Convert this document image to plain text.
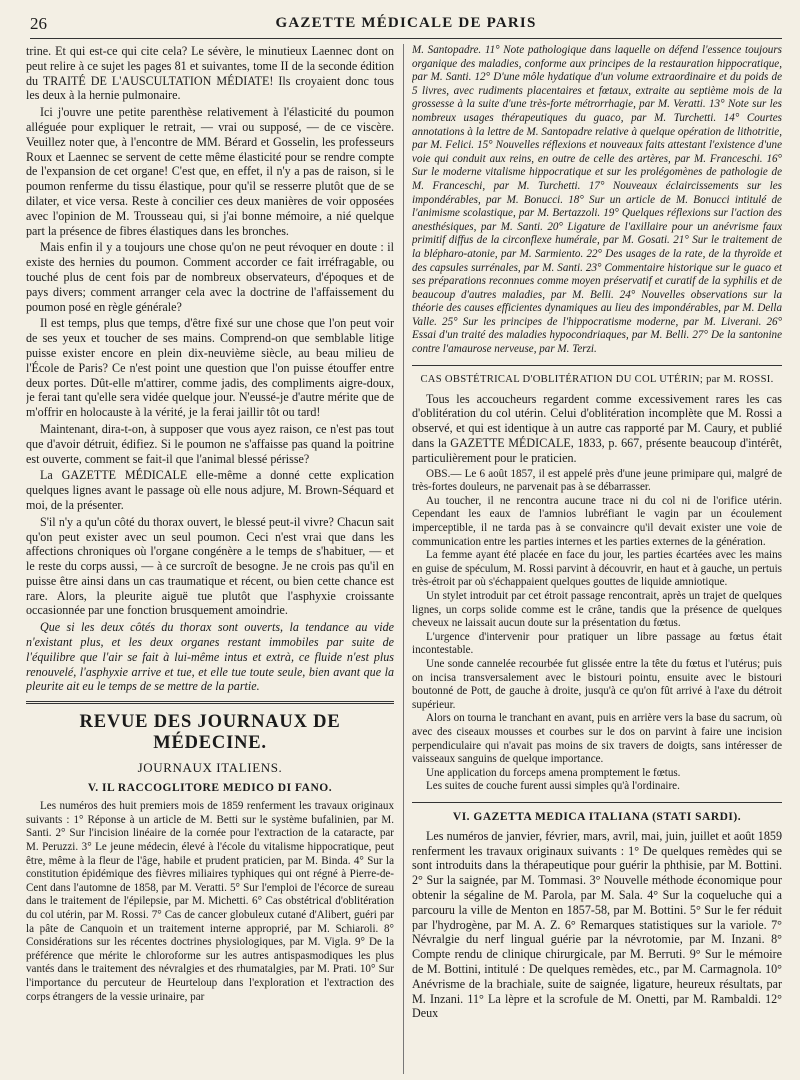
26	GAZETTE MÉDICALE DE PARIS

trine. Et qui est-ce qui cite cela? Le sévère, le minutieux Laennec dont on peut relire à ce sujet les pages 81 et suivantes, tome II de la seconde édition du TRAITÉ DE L'AUSCULTATION MÉDIATE! Ils croyaient donc tous les deux à la hernie pulmonaire.

Ici j'ouvre une petite parenthèse relativement à l'élasticité du poumon alléguée pour expliquer le retrait, — vrai ou supposé, — de ce viscère. Veuillez noter que, à l'encontre de MM. Bérard et Gosselin, les professeurs Roux et Laennec se servent de cette même élasticité pour se rendre compte de l'expansion de cet organe! C'est que, en effet, il n'y a pas de raison, si le poumon renferme du tissu élastique, pour qu'il se resserre plutôt que de se dilater, et vice versa. Reste à concilier ces deux manières de voir opposées avec l'opinion de M. Trousseau qui, si j'ai bonne mémoire, a nié quelque part la présence de fibres élastiques dans les bronches.

Mais enfin il y a toujours une chose qu'on ne peut révoquer en doute : il existe des hernies du poumon. Comment accorder ce fait irréfragable, ou touché plus de cent fois par de nombreux observateurs, d'époques et de pays divers; comment arranger cela avec la doctrine de l'affaissement du poumon posé en règle générale?

Il est temps, plus que temps, d'être fixé sur une chose que l'on peut voir de ses yeux et toucher de ses mains. Comprend-on que semblable litige puisse exister encore en plein dix-neuvième siècle, au beau milieu de l'École de Paris? Ce n'est point une question que l'on puisse étouffer entre deux portes. Dût-elle m'attirer, comme jadis, des compliments aigre-doux, je ferai tant qu'elle sera vidée quelque jour. N'eussé-je d'autre mérite que de m'offrir en holocauste à la vérité, je la ferai jaillir tôt ou tard!

Maintenant, dira-t-on, à supposer que vous ayez raison, ce n'est pas tout que d'avoir détruit, édifiez. Si le poumon ne s'affaisse pas quand la poitrine est ouverte, comment se fait-il que l'animal blessé périsse?

La GAZETTE MÉDICALE elle-même a donné cette explication quelques lignes avant le passage où elle nous adjure, M. Brown-Séquard et moi, de la présenter.

S'il n'y a qu'un côté du thorax ouvert, le blessé peut-il vivre? Chacun sait qu'on peut exister avec un seul poumon. Ceci n'est vrai que dans les affections chroniques où l'organe congénère a le temps de s'habituer, — et le reste du corps aussi, — à ce surcroît de besogne. Je ne crois pas qu'il en puisse être ainsi dans un cas traumatique et récent, ou bien cette chance est rare. Alors, la pleurite aiguë tue plutôt que l'asphyxie croissante occasionnée par une fonction brusquement amoindrie.

Que si les deux côtés du thorax sont ouverts, la tendance au vide n'existant plus, et les deux organes restant immobiles par suite de l'équilibre que l'air se fait à lui-même intus et extrà, ce fluide n'est plus renouvelé, l'asphyxie arrive et tue, et elle tue toute seule, bien avant que la pleurite ait eu le temps de se mettre de la partie.

REVUE DES JOURNAUX DE MÉDECINE.
JOURNAUX ITALIENS.
V. IL RACCOGLITORE MEDICO DI FANO.

Les numéros des huit premiers mois de 1859 renferment les travaux originaux suivants : 1° Réponse à un article de M. Betti sur le système bufalinien, par M. Santi. 2° Sur l'incision linéaire de la cornée pour l'extraction de la cataracte, par M. Peruzzi. 3° Le jeune médecin, élevé à l'école du vitalisme hippocratique, peut être, même à la fleur de l'âge, habile et prudent praticien, par M. Binda. 4° Sur la constitution épidémique des fièvres miliaires typhiques qui ont régné à Pierre-de-Cent dans l'automne de 1858, par M. Veratti. 5° Sur l'emploi de l'écorce de sureau dans le traitement de l'épilepsie, par M. Michetti. 6° Cas obstétrical d'oblitération du col utérin, par M. Rossi. 7° Cas de cancer globuleux cutané d'Alibert, guéri par la pâte de Canquoin et un traitement interne approprié, par M. Schiaroli. 8° Considérations sur les récentes doctrines physiologiques, par M. Vigla. 9° De la préférence que mérite le chloroforme sur les autres antispasmodiques les plus vantés dans le traitement des névralgies et des rhumatalgies, par M. Prati. 10° Sur l'importance du percuteur de Heurteloup dans l'exploration et l'extraction des corps étrangers de la vessie urinaire, par

M. Santopadre. 11° Note pathologique dans laquelle on défend l'essence toujours organique des maladies, conforme aux principes de la restauration hippocratique, par M. Santi. 12° D'une môle hydatique d'un volume extraordinaire et du poids de 5 livres, avec rudiments placentaires et fœtaux, extraite au septième mois de la grossesse à la suite d'une très-forte métrorrhagie, par M. Veratti. 13° Note sur les nombreux usages thérapeutiques du guaco, par M. Turchetti. 14° Courtes annotations à la lettre de M. Santopadre relative à quelque opération de lithotritie, par M. Felici. 15° Nouvelles réflexions et nouveaux faits attestant l'existence d'une voie qui conduit aux reins, en outre de celle des artères, par M. Franceschi. 16° Sur le moderne vitalisme hippocratique et sur les prolégomènes de pathologie de M. Franceschi, par M. Turchetti. 17° Nouveaux éclaircissements sur les impondérables, par M. Bonucci. 18° Sur un article de M. Bonucci intitulé de l'animisme scolastique, par M. Bertazzoli. 19° Quelques réflexions sur l'action des anesthésiques, par M. Santi. 20° Ligature de l'axillaire pour un anévrisme faux primitif diffus de la circonflexe humérale, par M. Gosati. 21° Sur le traitement de la blépharo-atonie, par M. Sarmiento. 22° Des usages de la rate, de la thyroïde et des capsules surrénales, par M. Santi. 23° Commentaire historique sur le guaco et ses préparations reconnues comme moyen préservatif et curatif de la syphilis et de beaucoup d'autres maladies, par M. Belli. 24° Nouvelles observations sur la théorie des causes efficientes dynamiques au lieu des impondérables, par M. Della Valle. 25° Sur les principes de l'hippocratisme moderne, par M. Liverani. 26° Essai d'un traité des maladies hypocondriaques, par M. Belli. 27° De la santonine contre l'amaurose nerveuse, par M. Terzi.

CAS OBSTÉTRICAL D'OBLITÉRATION DU COL UTÉRIN; par M. ROSSI.

Tous les accoucheurs regardent comme excessivement rares les cas d'oblitération du col utérin. Celui d'oblitération incomplète que M. Rossi a observé, et qui est identique à un autre cas rapporté par M. Caury, et publié dans la GAZETTE MÉDICALE, 1833, p. 667, présente beaucoup d'intérêt, particulièrement pour le praticien.

OBS.— Le 6 août 1857, il est appelé près d'une jeune primipare qui, malgré de très-fortes douleurs, ne parvenait pas à se débarrasser.

Au toucher, il ne rencontra aucune trace ni du col ni de l'orifice utérin. Cependant les eaux de l'amnios lubréfiant le vagin par un écoulement imperceptible, il ne tarda pas à se convaincre qu'il devait exister une voie de communication entre les parties internes et les parties externes de la génération.

La femme ayant été placée en face du jour, les parties écartées avec les mains en guise de spéculum, M. Rossi parvint à découvrir, en haut et à gauche, un pertuis très-étroit par où s'échappaient quelques gouttes de liquide amniotique.

Un stylet introduit par cet étroit passage rencontrait, après un trajet de quelques lignes, un corps solide comme est le crâne, tandis que la présence de quelques cheveux ne laissait aucun doute sur la présentation du fœtus.

L'urgence d'intervenir pour pratiquer un libre passage au fœtus était incontestable.

Une sonde cannelée recourbée fut glissée entre la tête du fœtus et l'utérus; puis on incisa transversalement avec le bistouri pointu, ensuite avec le bistouri boutonné de Pott, de gauche à droite, jusqu'à ce qu'on fût arrivé à l'axe du détroit supérieur.

Alors on tourna le tranchant en avant, puis en arrière vers la base du sacrum, où avec des ciseaux mousses et courbes sur le dos on parvint à faire une incision perpendiculaire qui n'avait pas moins de six travers de doigts, sans intéresser de vaisseaux sanguins de quelque importance.

Une application du forceps amena promptement le fœtus.

Les suites de couche furent aussi simples qu'à l'ordinaire.

VI. GAZETTA MEDICA ITALIANA (STATI SARDI).

Les numéros de janvier, février, mars, avril, mai, juin, juillet et août 1859 renferment les travaux originaux suivants : 1° De quelques remèdes qui se sont introduits dans la thérapeutique pour guérir la phthisie, par M. Bottini. 2° Sur la saignée, par M. Tommasi. 3° Nouvelle méthode économique pour obtenir la ségaline de M. Parola, par M. Sala. 4° Sur la coqueluche qui a parcouru la ville de Menton en 1857-58, par M. Bottini. 5° Sur le fer réduit par l'hydrogène, par M. A. Z. 6° Remarques statistiques sur la variole. 7° Névralgie du nerf lingual guérie par la névrotomie, par M. Inzani. 8° Compte rendu de clinique chirurgicale, par M. Berruti. 9° Sur le mémoire de M. Bottini, intitulé : De quelques remèdes, etc., par M. Carmagnola. 10° Anévrisme de la brachiale, suite de saignée, ligature, heureux résultats, par M. Inzani. 11° La lèpre et la scrofule de M. Onetti, par M. Rambaldi. 12° Deux
